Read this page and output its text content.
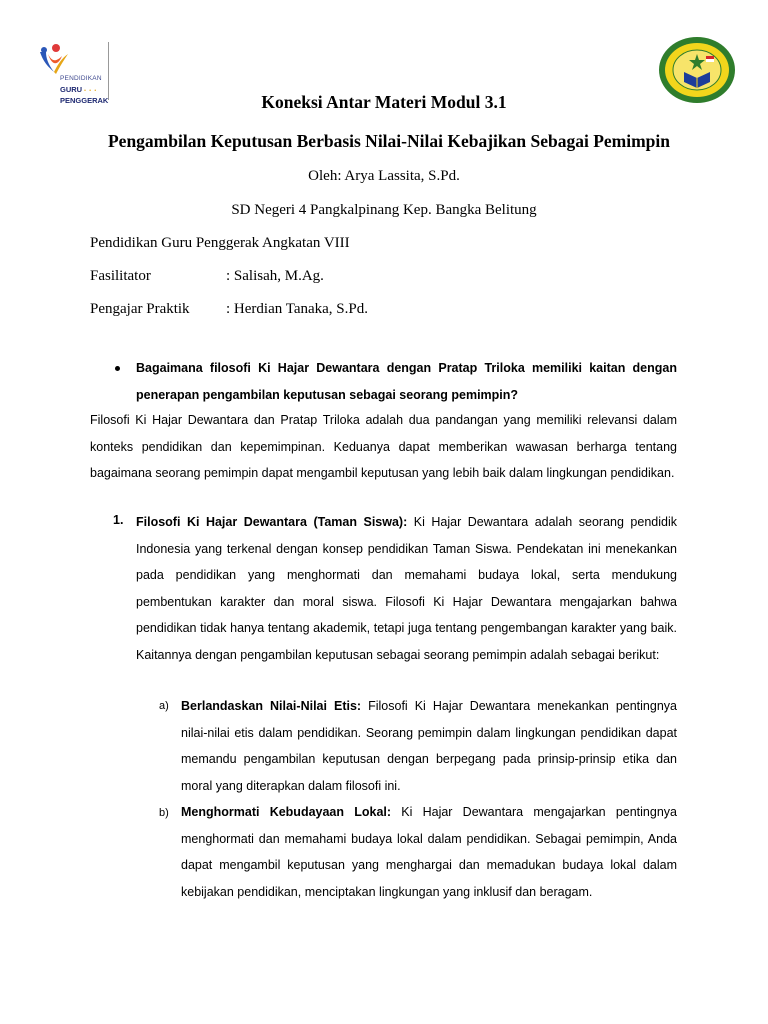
PENDIDIKAN
GURU • • •
PENGGERAK	Koneksi Antar Materi Modul 3.1
Pengambilan Keputusan Berbasis Nilai-Nilai Kebajikan Sebagai Pemimpin
Oleh: Arya Lassita, S.Pd.
SD Negeri 4 Pangkalpinang Kep. Bangka Belitung
Pendidikan Guru Penggerak Angkatan VIII
Fasilitator	: Salisah, M.Ag.
Pengajar Praktik : Herdian Tanaka, S.Pd.
Bagaimana filosofi Ki Hajar Dewantara dengan Pratap Triloka memiliki kaitan dengan penerapan pengambilan keputusan sebagai seorang pemimpin?
Filosofi Ki Hajar Dewantara dan Pratap Triloka adalah dua pandangan yang memiliki relevansi dalam konteks pendidikan dan kepemimpinan. Keduanya dapat memberikan wawasan berharga tentang bagaimana seorang pemimpin dapat mengambil keputusan yang lebih baik dalam lingkungan pendidikan.
1. Filosofi Ki Hajar Dewantara (Taman Siswa): Ki Hajar Dewantara adalah seorang pendidik Indonesia yang terkenal dengan konsep pendidikan Taman Siswa. Pendekatan ini menekankan pada pendidikan yang menghormati dan memahami budaya lokal, serta mendukung pembentukan karakter dan moral siswa. Filosofi Ki Hajar Dewantara mengajarkan bahwa pendidikan tidak hanya tentang akademik, tetapi juga tentang pengembangan karakter yang baik. Kaitannya dengan pengambilan keputusan sebagai seorang pemimpin adalah sebagai berikut:
a) Berlandaskan Nilai-Nilai Etis: Filosofi Ki Hajar Dewantara menekankan pentingnya nilai-nilai etis dalam pendidikan. Seorang pemimpin dalam lingkungan pendidikan dapat memandu pengambilan keputusan dengan berpegang pada prinsip-prinsip etika dan moral yang diterapkan dalam filosofi ini.
b) Menghormati Kebudayaan Lokal: Ki Hajar Dewantara mengajarkan pentingnya menghormati dan memahami budaya lokal dalam pendidikan. Sebagai pemimpin, Anda dapat mengambil keputusan yang menghargai dan memadukan budaya lokal dalam kebijakan pendidikan, menciptakan lingkungan yang inklusif dan beragam.
